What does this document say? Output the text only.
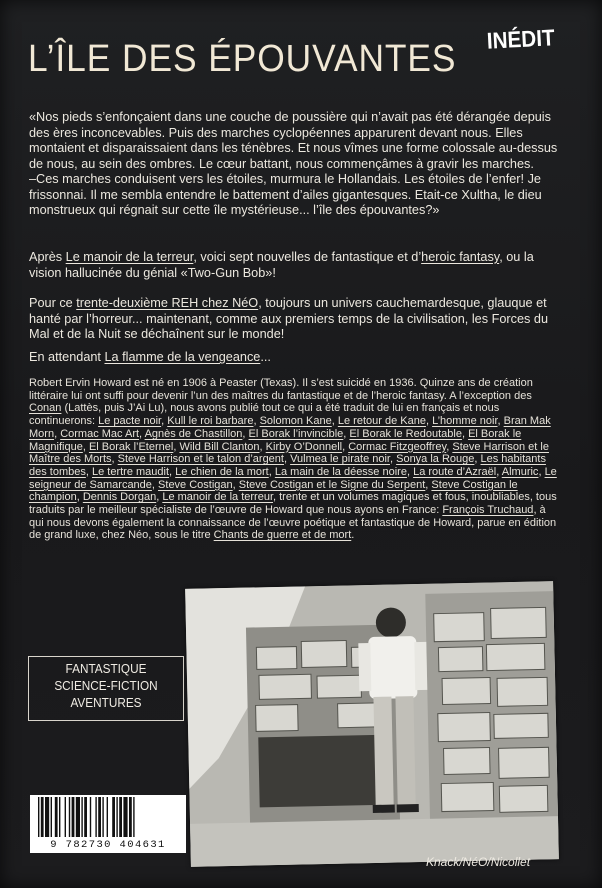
L’ÎLE DES ÉPOUVANTES INÉDIT

«Nos pieds s’enfonçaient dans une couche de poussière qui n’avait pas été dérangée depuis des ères inconcevables. Puis des marches cyclopéennes apparurent devant nous. Elles montaient et disparaissaient dans les ténèbres. Et nous vîmes une forme colossale au-dessus de nous, au sein des ombres. Le cœur battant, nous commençâmes à gravir les marches.

–Ces marches conduisent vers les étoiles, murmura le Hollandais. Les étoiles de l’enfer! Je frissonnai. Il me sembla entendre le battement d’ailes gigantesques. Etait-ce Xultha, le dieu monstrueux qui régnait sur cette île mystérieuse... l’île des épouvantes?»

Après Le manoir de la terreur, voici sept nouvelles de fantastique et d’heroic fantasy, ou la vision hallucinée du génial «Two-Gun Bob»!

Pour ce trente-deuxième REH chez NéO, toujours un univers cauchemardesque, glauque et hanté par l’horreur... maintenant, comme aux premiers temps de la civilisation, les Forces du Mal et de la Nuit se déchaînent sur le monde!

En attendant La flamme de la vengeance...

Robert Ervin Howard est né en 1906 à Peaster (Texas). Il s’est suicidé en 1936. Quinze ans de création littéraire lui ont suffi pour devenir l’un des maîtres du fantastique et de l’heroic fantasy. A l’exception des Conan (Lattès, puis J’Ai Lu), nous avons publié tout ce qui a été traduit de lui en français et nous continuerons: Le pacte noir, Kull le roi barbare, Solomon Kane, Le retour de Kane, L’homme noir, Bran Mak Morn, Cormac Mac Art, Agnès de Chastillon, El Borak l’invincible, El Borak le Redoutable, El Borak le Magnifique, El Borak l’Eternel, Wild Bill Clanton, Kirby O’Donnell, Cormac Fitzgeoffrey, Steve Harrison et le Maître des Morts, Steve Harrison et le talon d’argent, Vulmea le pirate noir, Sonya la Rouge, Les habitants des tombes, Le tertre maudit, Le chien de la mort, La main de la déesse noire, La route d’Azraël, Almuric, Le seigneur de Samarcande, Steve Costigan, Steve Costigan et le Signe du Serpent, Steve Costigan le champion, Dennis Dorgan, Le manoir de la terreur, trente et un volumes magiques et fous, inoubliables, tous traduits par le meilleur spécialiste de l’œuvre de Howard que nous ayons en France: François Truchaud, à qui nous devons également la connaissance de l’œuvre poétique et fantastique de Howard, parue en édition de grand luxe, chez Néo, sous le titre Chants de guerre et de mort.

FANTASTIQUE
SCIENCE-FICTION
AVENTURES
9 782730 404631
Knack/NéO/Nicollet
